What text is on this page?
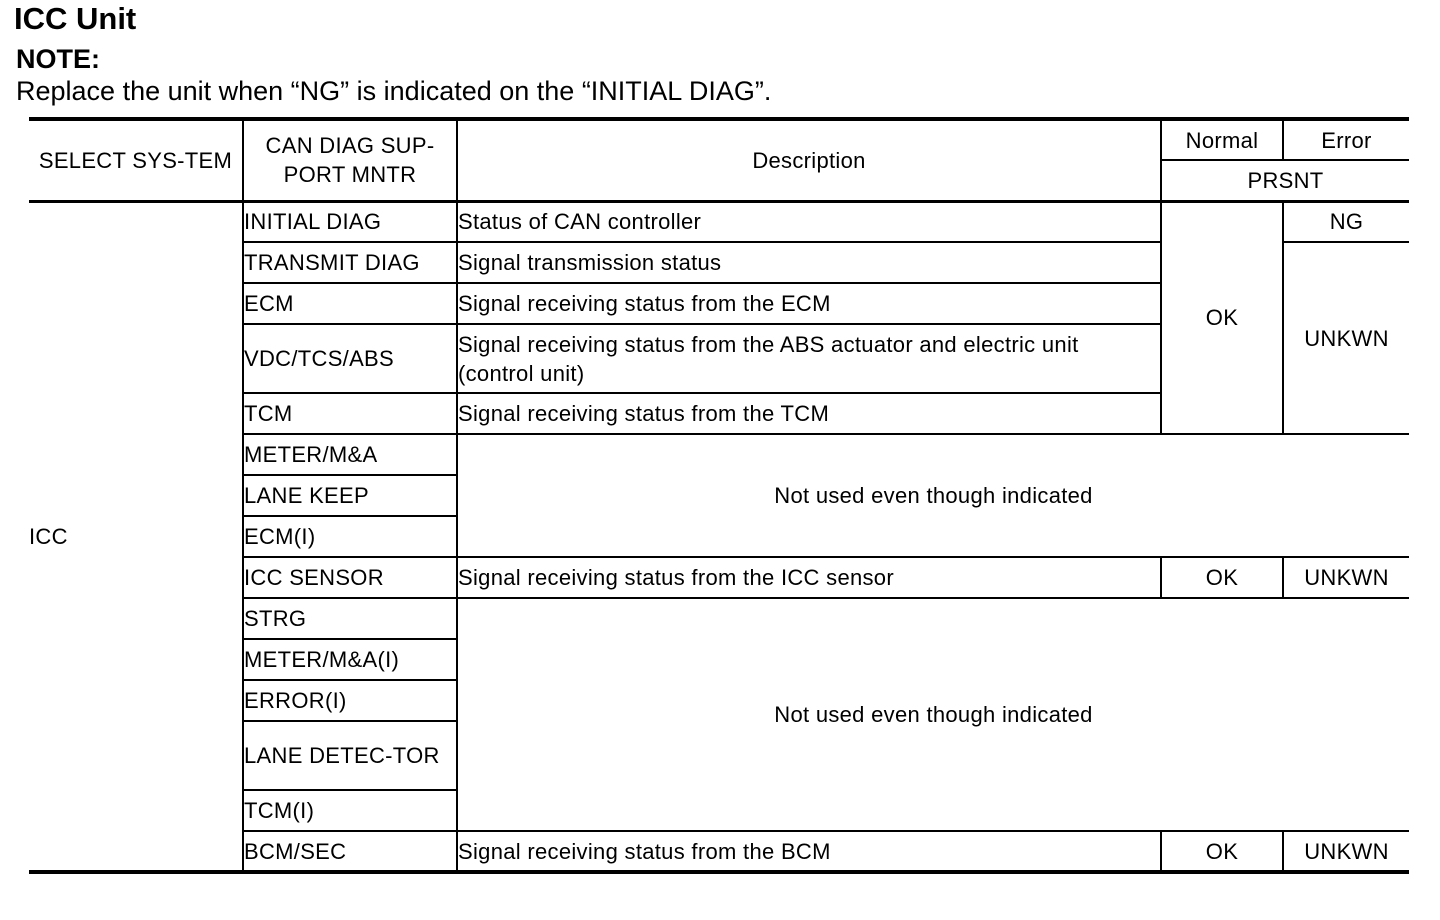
ICC Unit
NOTE:
Replace the unit when “NG” is indicated on the “INITIAL DIAG”.
SELECT SYS-TEM	CAN DIAG SUP-PORT MNTR	Description	Normal	Error
			PRSNT	
ICC	INITIAL DIAG	Status of CAN controller	OK	NG
	TRANSMIT DIAG	Signal transmission status		UNKWN
	ECM	Signal receiving status from the ECM		
	VDC/TCS/ABS	Signal receiving status from the ABS actuator and electric unit (control unit)		
	TCM	Signal receiving status from the TCM		
	METER/M&A	Not used even though indicated		
	LANE KEEP			
	ECM(I)			
	ICC SENSOR	Signal receiving status from the ICC sensor	OK	UNKWN
	STRG	Not used even though indicated		
	METER/M&A(I)			
	ERROR(I)			
	LANE DETEC-TOR			
	TCM(I)			
	BCM/SEC	Signal receiving status from the BCM	OK	UNKWN
